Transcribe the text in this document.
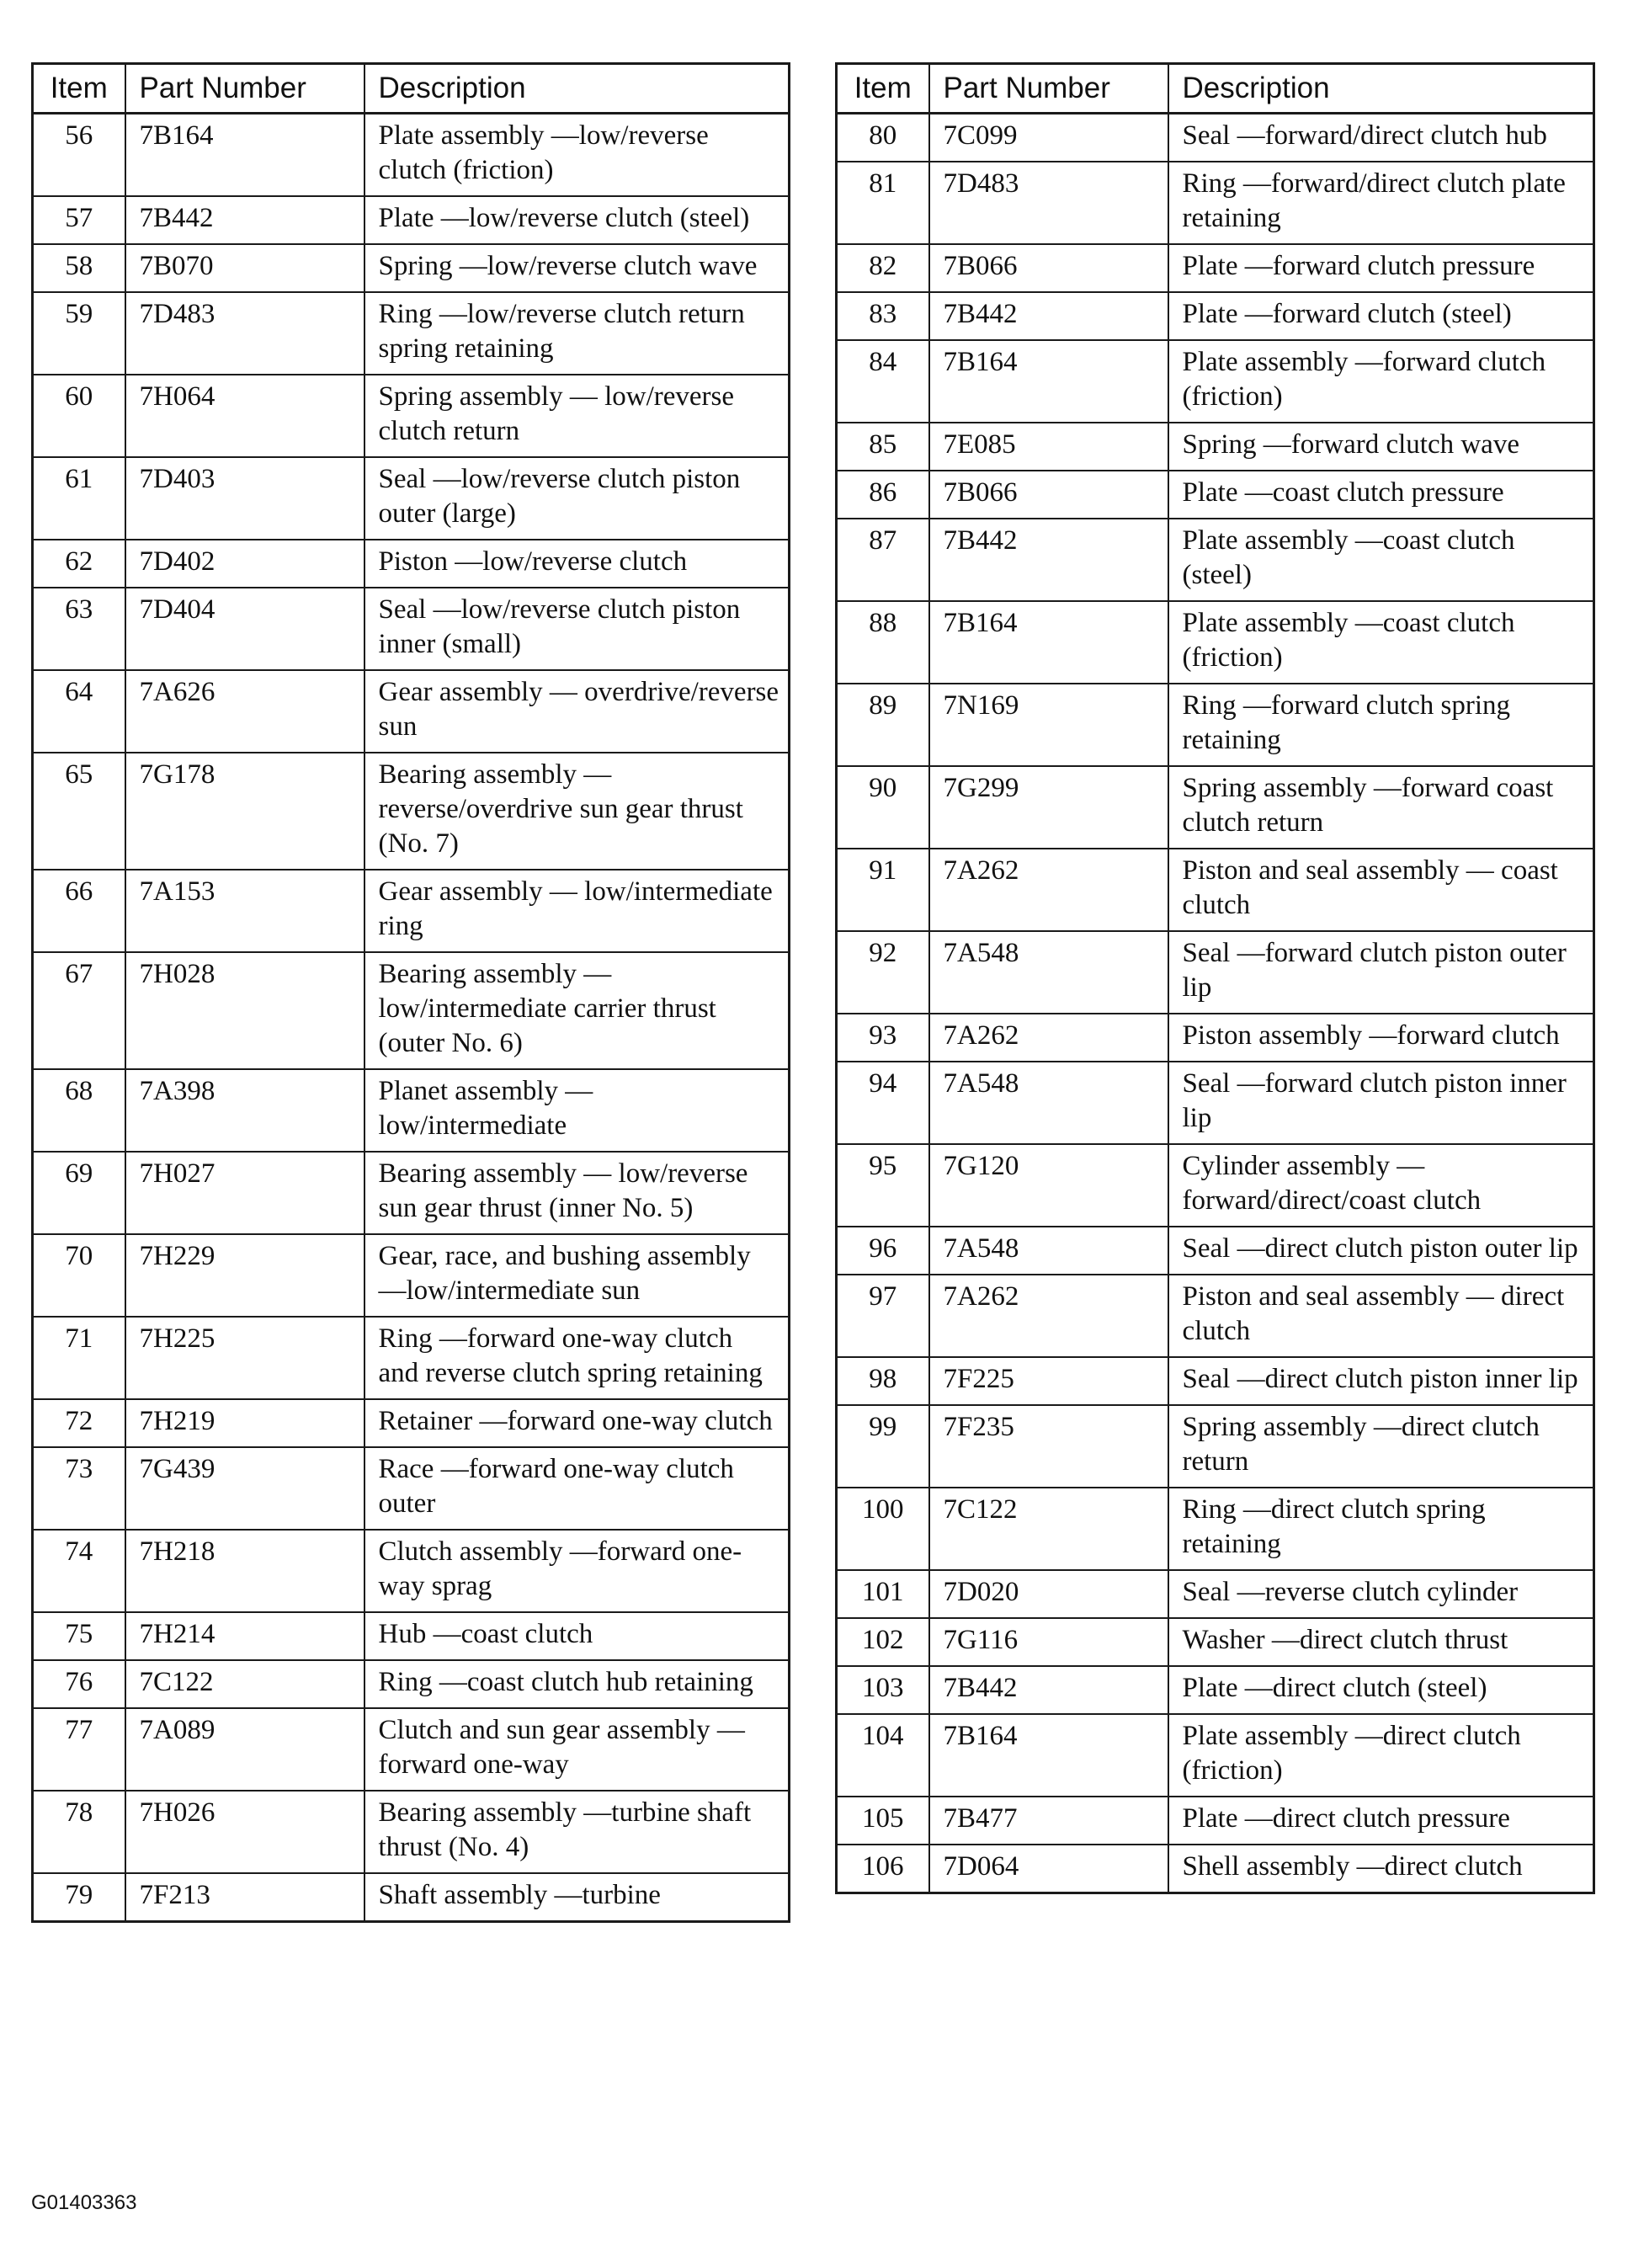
Item	Part Number	Description
56	7B164	Plate assembly —low/reverse clutch (friction)
57	7B442	Plate —low/reverse clutch (steel)
58	7B070	Spring —low/reverse clutch wave
59	7D483	Ring —low/reverse clutch return spring retaining
60	7H064	Spring assembly — low/reverse clutch return
61	7D403	Seal —low/reverse clutch piston outer (large)
62	7D402	Piston —low/reverse clutch
63	7D404	Seal —low/reverse clutch piston inner (small)
64	7A626	Gear assembly — overdrive/reverse sun
65	7G178	Bearing assembly — reverse/overdrive sun gear thrust (No. 7)
66	7A153	Gear assembly — low/intermediate ring
67	7H028	Bearing assembly — low/intermediate carrier thrust (outer No. 6)
68	7A398	Planet assembly — low/intermediate
69	7H027	Bearing assembly — low/reverse sun gear thrust (inner No. 5)
70	7H229	Gear, race, and bushing assembly —low/intermediate sun
71	7H225	Ring —forward one-way clutch and reverse clutch spring retaining
72	7H219	Retainer —forward one-way clutch
73	7G439	Race —forward one-way clutch outer
74	7H218	Clutch assembly —forward one-way sprag
75	7H214	Hub —coast clutch
76	7C122	Ring —coast clutch hub retaining
77	7A089	Clutch and sun gear assembly —forward one-way
78	7H026	Bearing assembly —turbine shaft thrust (No. 4)
79	7F213	Shaft assembly —turbine
Item	Part Number	Description
80	7C099	Seal —forward/direct clutch hub
81	7D483	Ring —forward/direct clutch plate retaining
82	7B066	Plate —forward clutch pressure
83	7B442	Plate —forward clutch (steel)
84	7B164	Plate assembly —forward clutch (friction)
85	7E085	Spring —forward clutch wave
86	7B066	Plate —coast clutch pressure
87	7B442	Plate assembly —coast clutch (steel)
88	7B164	Plate assembly —coast clutch (friction)
89	7N169	Ring —forward clutch spring retaining
90	7G299	Spring assembly —forward coast clutch return
91	7A262	Piston and seal assembly — coast clutch
92	7A548	Seal —forward clutch piston outer lip
93	7A262	Piston assembly —forward clutch
94	7A548	Seal —forward clutch piston inner lip
95	7G120	Cylinder assembly — forward/direct/coast clutch
96	7A548	Seal —direct clutch piston outer lip
97	7A262	Piston and seal assembly — direct clutch
98	7F225	Seal —direct clutch piston inner lip
99	7F235	Spring assembly —direct clutch return
100	7C122	Ring —direct clutch spring retaining
101	7D020	Seal —reverse clutch cylinder
102	7G116	Washer —direct clutch thrust
103	7B442	Plate —direct clutch (steel)
104	7B164	Plate assembly —direct clutch (friction)
105	7B477	Plate —direct clutch pressure
106	7D064	Shell assembly —direct clutch
G01403363
